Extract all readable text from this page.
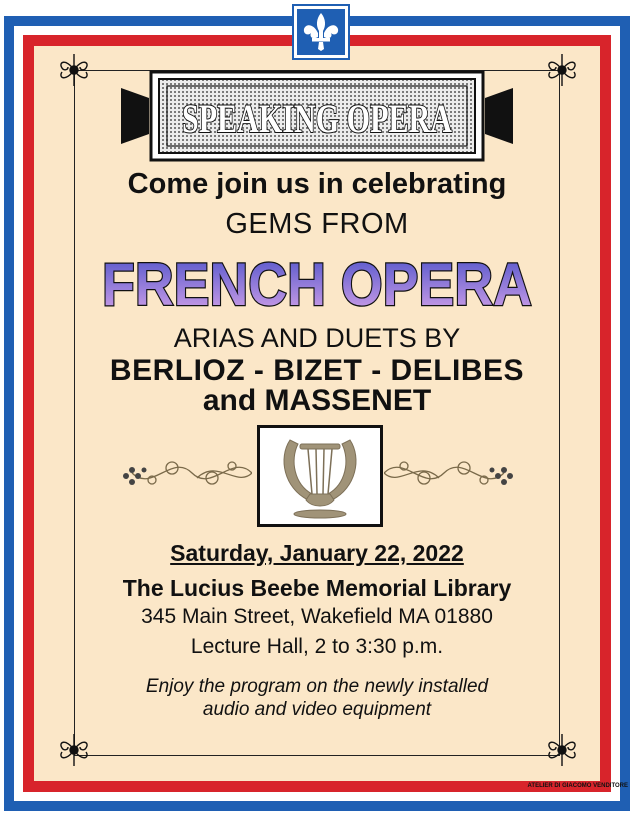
SPEAKING OPERA

Come join us in celebrating

GEMS FROM

FRENCH OPERA

ARIAS AND DUETS BY

BERLIOZ - BIZET - DELIBES

and MASSENET

Saturday, January 22, 2022

The Lucius Beebe Memorial Library

345 Main Street, Wakefield MA 01880

Lecture Hall, 2 to 3:30 p.m.

Enjoy the program on the newly installed

audio and video equipment

ATELIER DI GIACOMO VENDITORE
